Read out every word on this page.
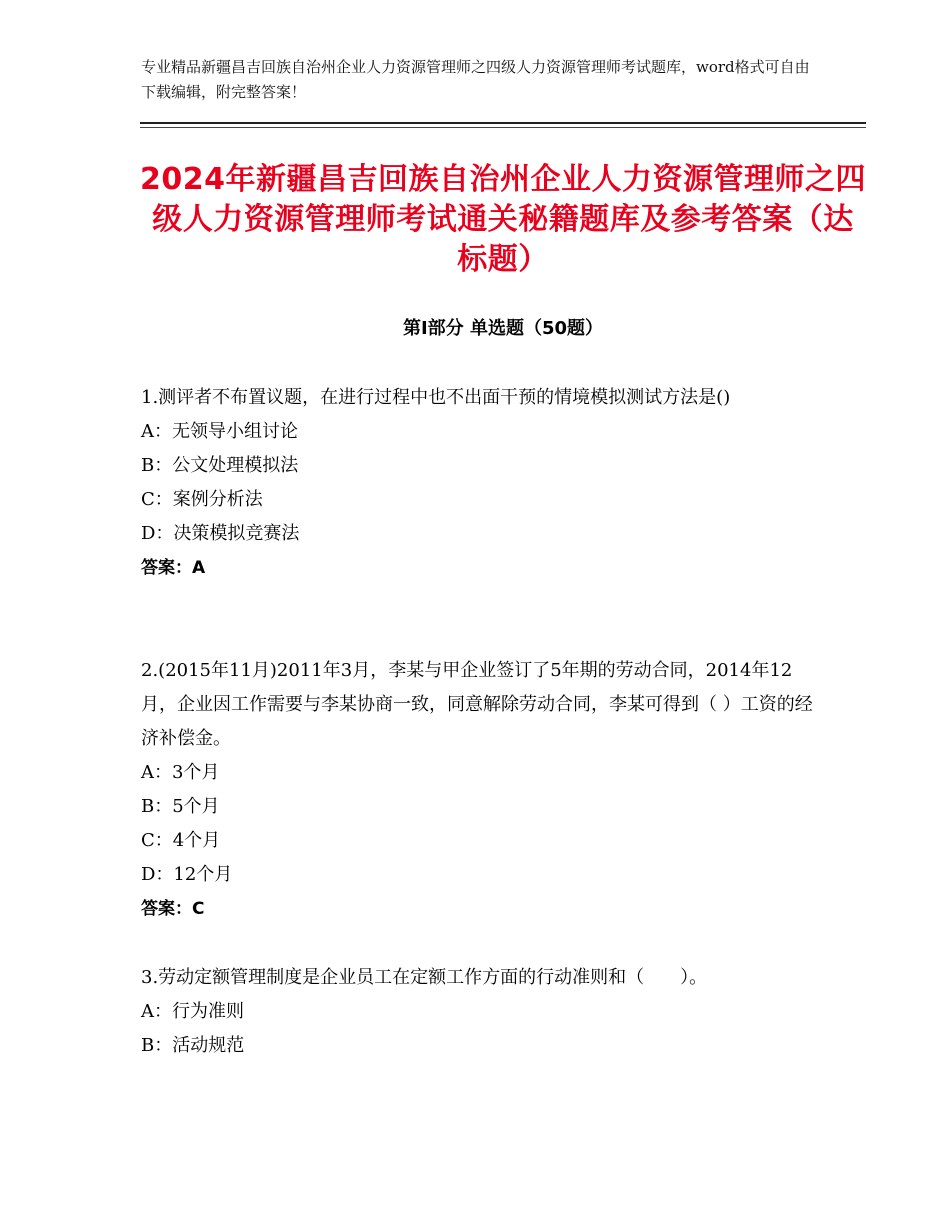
专业精品新疆昌吉回族自治州企业人力资源管理师之四级人力资源管理师考试题库，word格式可自由下载编辑，附完整答案！
2024年新疆昌吉回族自治州企业人力资源管理师之四级人力资源管理师考试通关秘籍题库及参考答案（达标题）
第Ⅰ部分 单选题（50题）

1.测评者不布置议题，在进行过程中也不出面干预的情境模拟测试方法是()

A：无领导小组讨论

B：公文处理模拟法

C：案例分析法

D：决策模拟竞赛法

答案：A

2.(2015年11月)2011年3月，李某与甲企业签订了5年期的劳动合同，2014年12月，企业因工作需要与李某协商一致，同意解除劳动合同，李某可得到（ ）工资的经济补偿金。

A：3个月

B：5个月

C：4个月

D：12个月

答案：C

3.劳动定额管理制度是企业员工在定额工作方面的行动准则和（　　）。

A：行为准则

B：活动规范
